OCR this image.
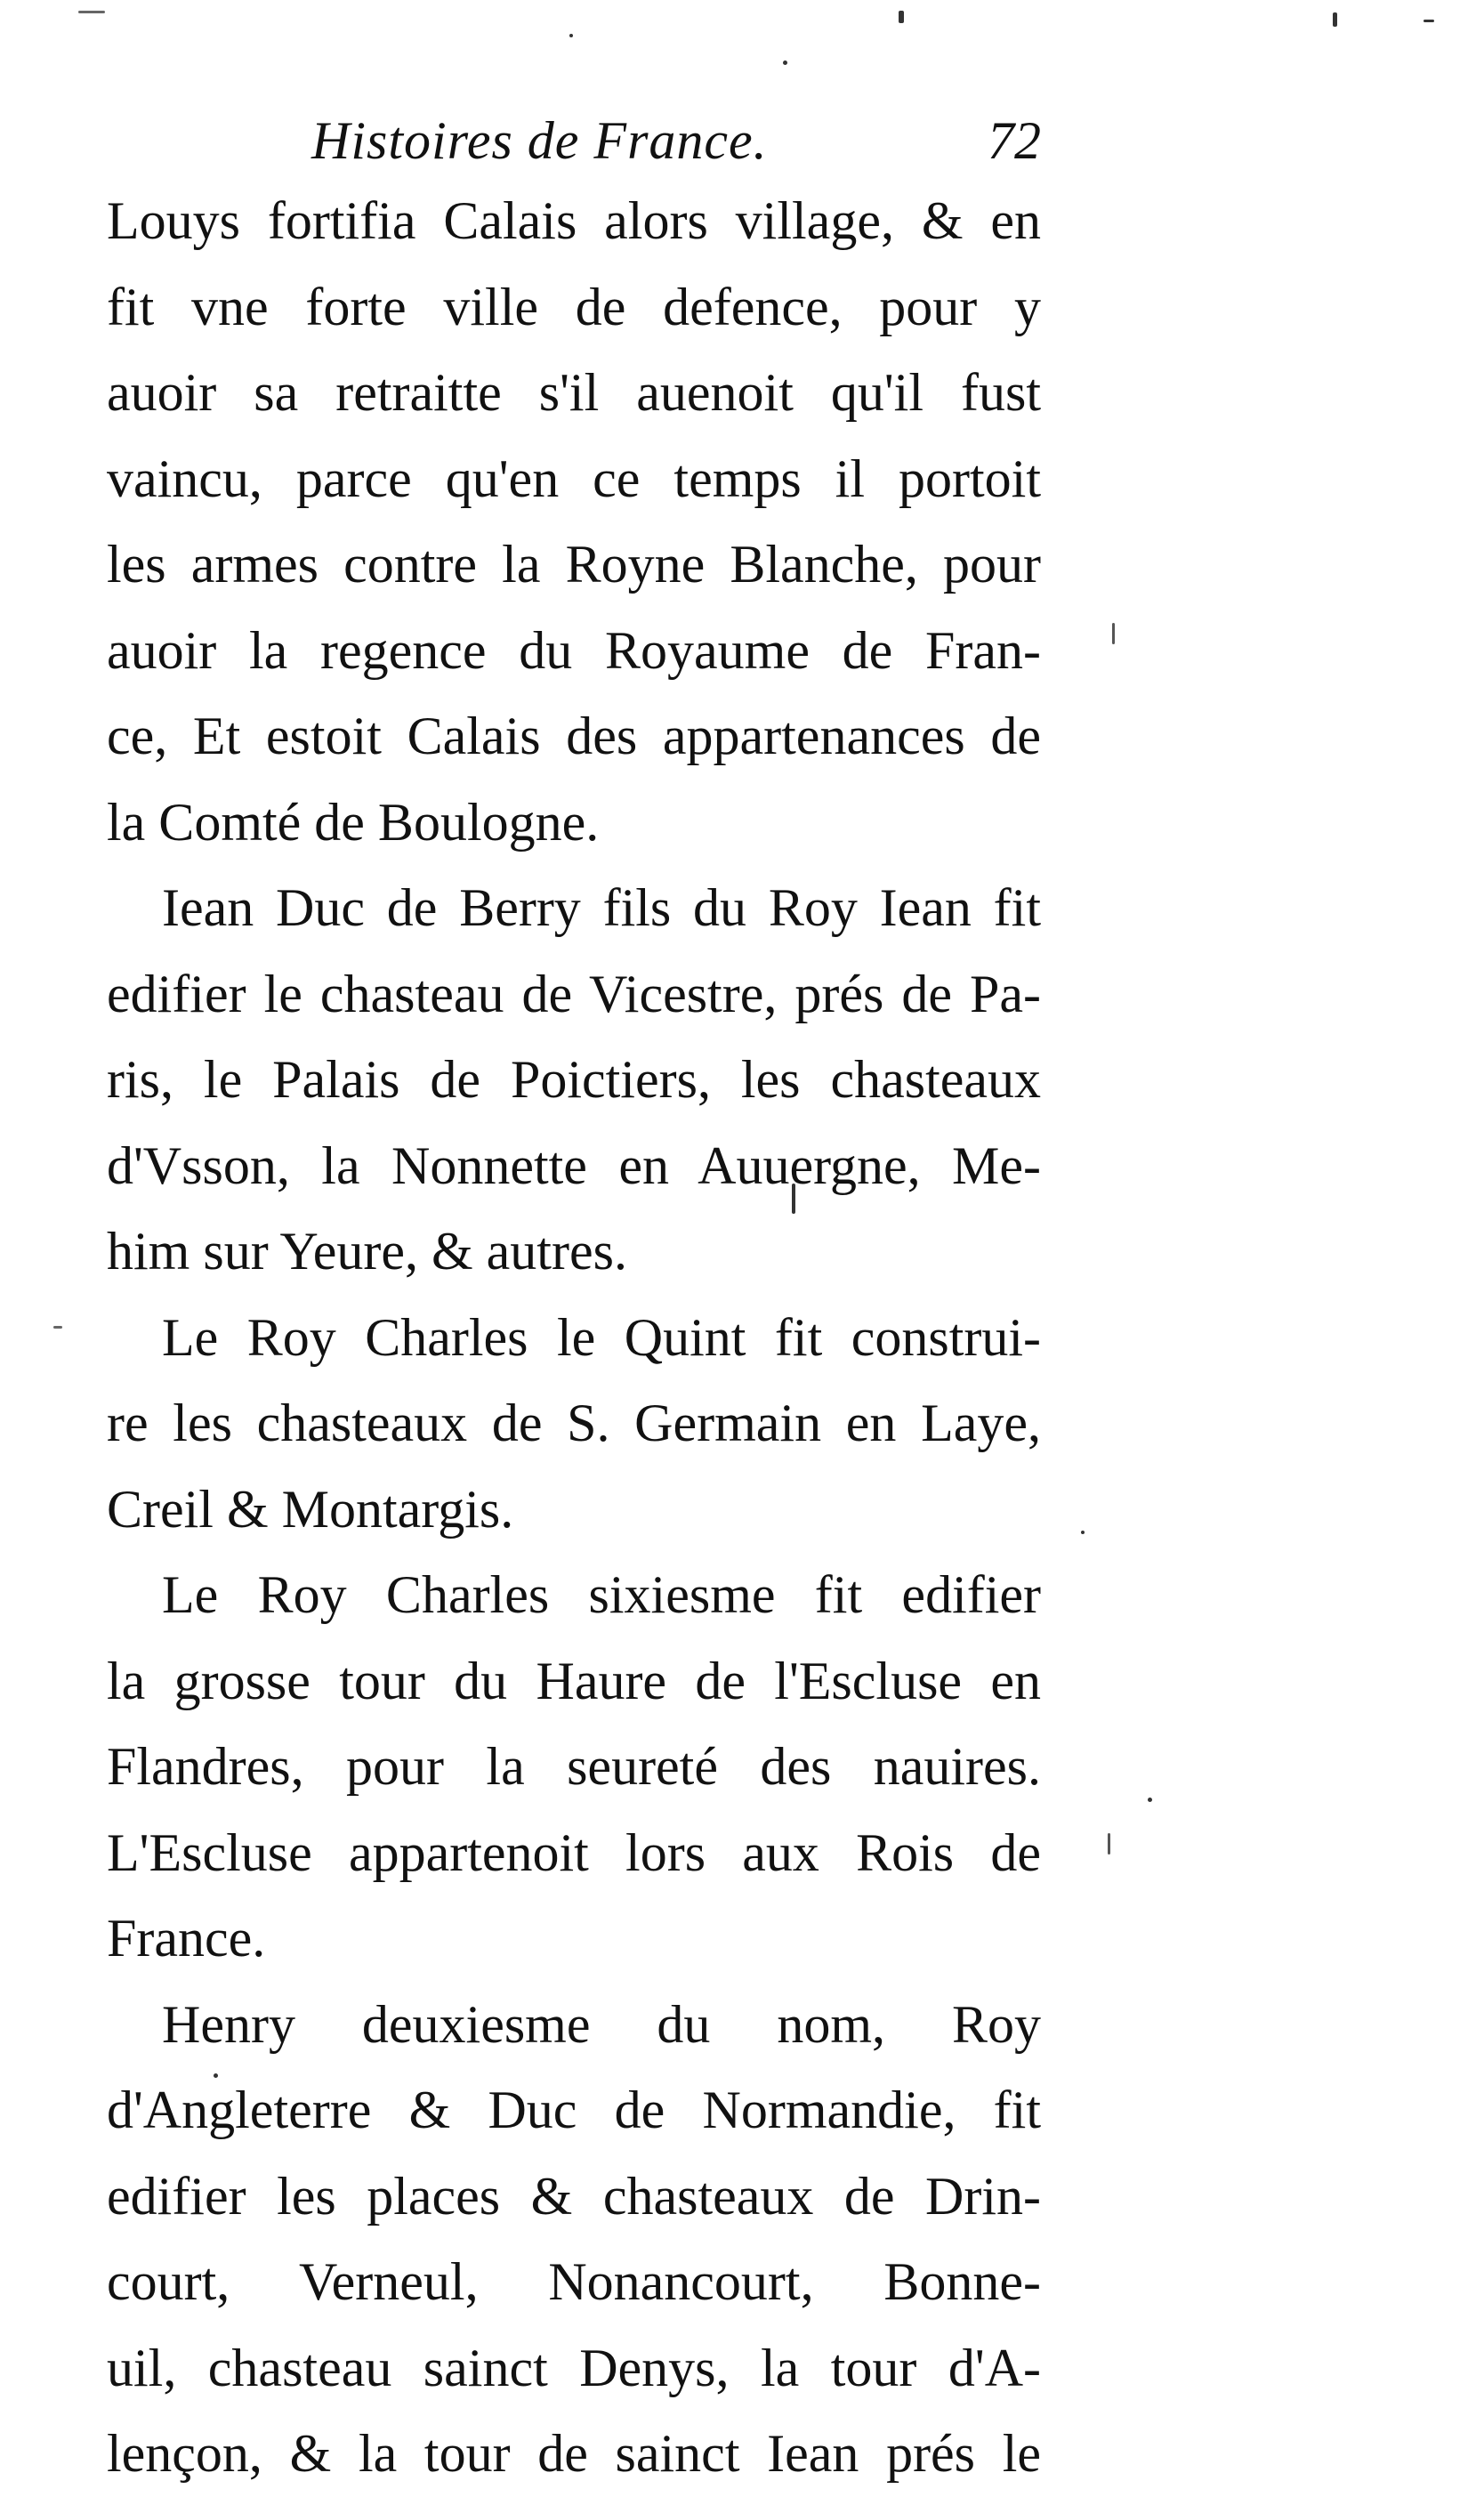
Histoires de France.	72
Louys fortifia Calais alors village, & en
fit vne forte ville de defence, pour y
auoir sa retraitte s'il auenoit qu'il fust
vaincu, parce qu'en ce temps il portoit
les armes contre la Royne Blanche, pour
auoir la regence du Royaume de Fran-
ce, Et estoit Calais des appartenances de
la Comté de Boulogne.
Iean Duc de Berry fils du Roy Iean fit
edifier le chasteau de Vicestre, prés de Pa-
ris, le Palais de Poictiers, les chasteaux
d'Vsson, la Nonnette en Auuergne, Me-
him sur Yeure, & autres.
Le Roy Charles le Quint fit construi-
re les chasteaux de S. Germain en Laye,
Creil & Montargis.
Le Roy Charles sixiesme fit edifier
la grosse tour du Haure de l'Escluse en
Flandres, pour la seureté des nauires.
L'Escluse appartenoit lors aux Rois de
France.
Henry deuxiesme du nom, Roy
d'Angleterre & Duc de Normandie, fit
edifier les places & chasteaux de Drin-
court, Verneul, Nonancourt, Bonne-
uil, chasteau sainct Denys, la tour d'A-
lençon, & la tour de sainct Iean prés le
